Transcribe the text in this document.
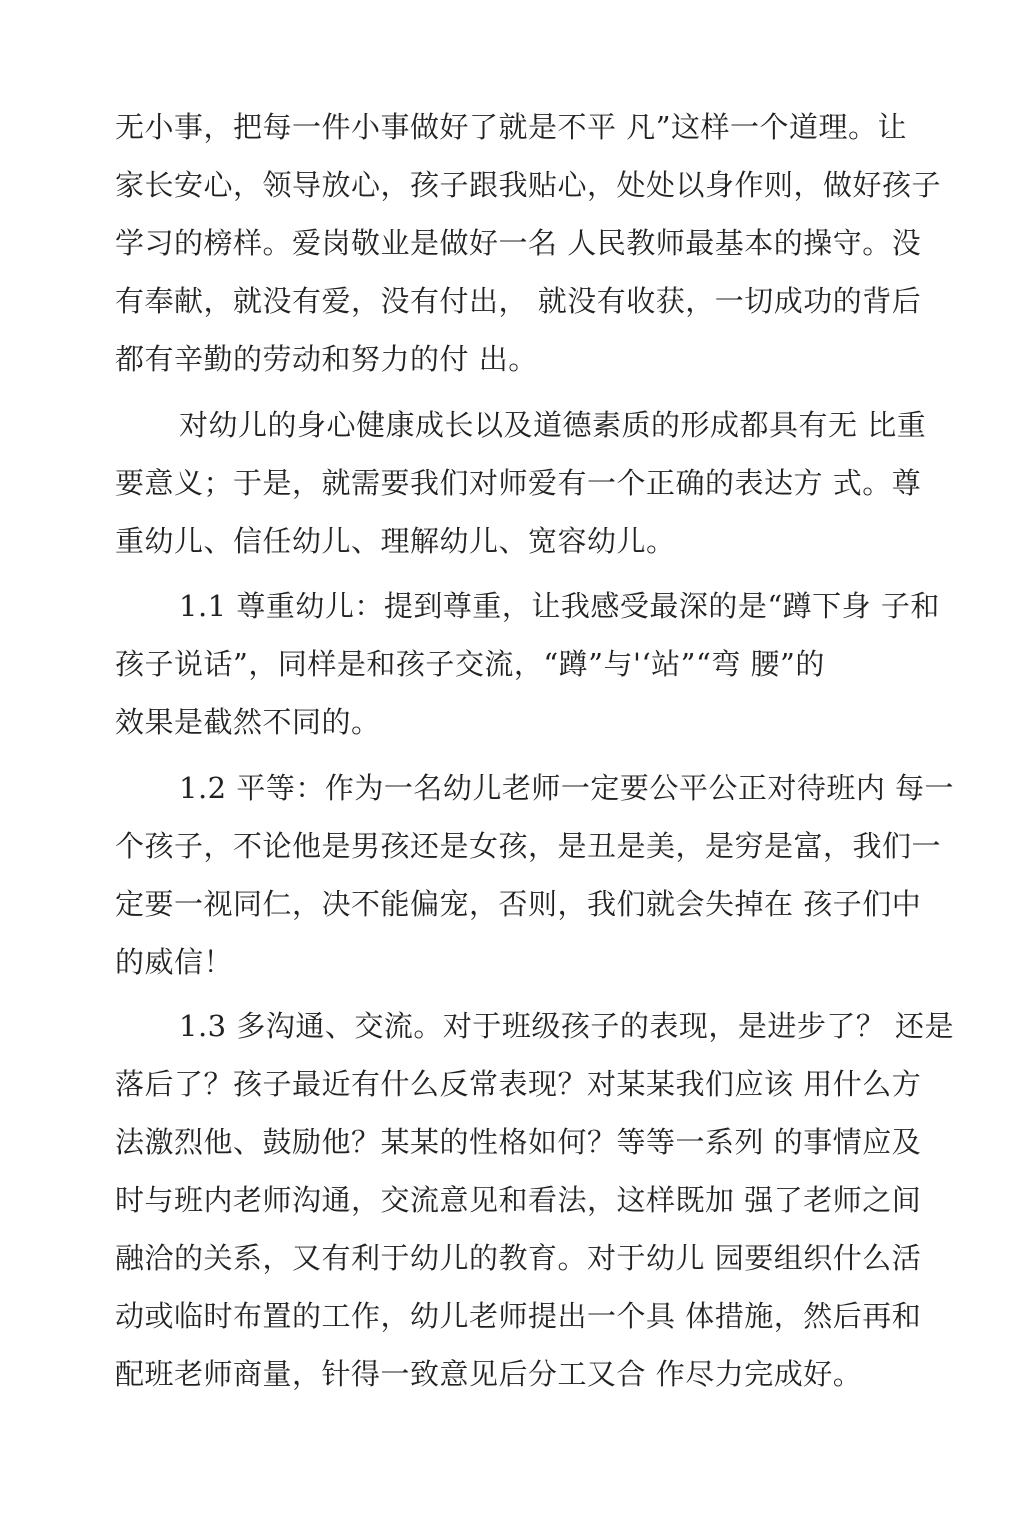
无小事，把每一件小事做好了就是不平 凡”这样一个道理。让
家长安心，领导放心，孩子跟我贴心，处处以身作则，做好孩子
学习的榜样。爱岗敬业是做好一名 人民教师最基本的操守。没
有奉献，就没有爱，没有付出， 就没有收获，一切成功的背后
都有辛勤的劳动和努力的付 出。
对幼儿的身心健康成长以及道德素质的形成都具有无 比重
要意义；于是，就需要我们对师爱有一个正确的表达方 式。尊
重幼儿、信任幼儿、理解幼儿、宽容幼儿。
1.1 尊重幼儿：提到尊重，让我感受最深的是“蹲下身 子和
孩子说话”，同样是和孩子交流，“蹲”与'‘站”“弯 腰”的
效果是截然不同的。
1.2 平等：作为一名幼儿老师一定要公平公正对待班内 每一
个孩子，不论他是男孩还是女孩，是丑是美，是穷是富，我们一
定要一视同仁，决不能偏宠，否则，我们就会失掉在 孩子们中
的威信！
1.3 多沟通、交流。对于班级孩子的表现，是进步了？ 还是
落后了？孩子最近有什么反常表现？对某某我们应该 用什么方
法激烈他、鼓励他？某某的性格如何？等等一系列 的事情应及
时与班内老师沟通，交流意见和看法，这样既加 强了老师之间
融洽的关系，又有利于幼儿的教育。对于幼儿 园要组织什么活
动或临时布置的工作，幼儿老师提出一个具 体措施，然后再和
配班老师商量，针得一致意见后分工又合 作尽力完成好。
